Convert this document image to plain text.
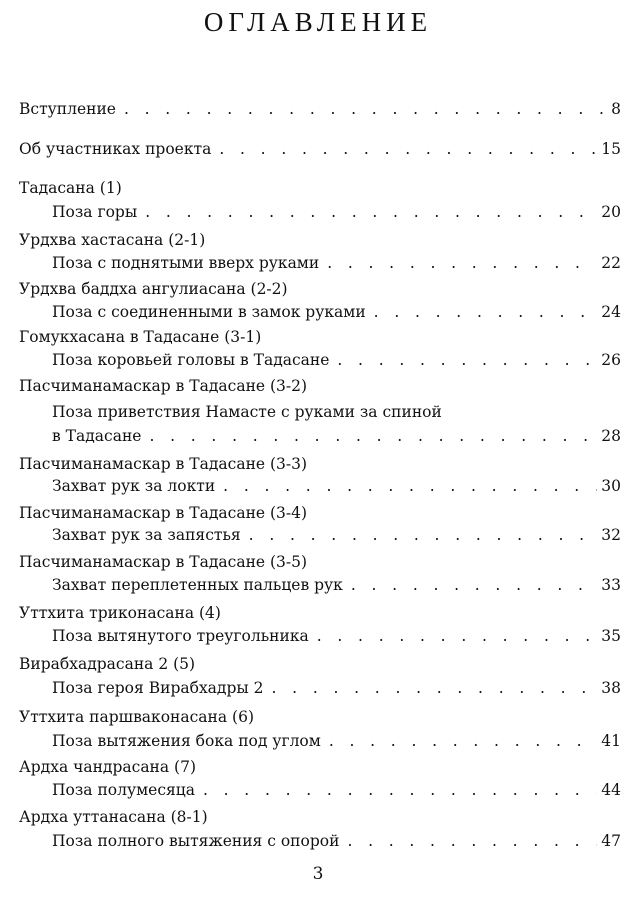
ОГЛАВЛЕНИЕ
Вступление . . .	8
Об участниках проекта . . .	15
Тадасана (1)
Поза горы . . .	20
Урдхва хастасана (2-1)
Поза с поднятыми вверх руками . . .	22
Урдхва баддха ангулиасана (2-2)
Поза с соединенными в замок руками . . .	24
Гомукхасана в Тадасане (3-1)
Поза коровьей головы в Тадасане . . .	26
Пасчиманамаскар в Тадасане (3-2)
Поза приветствия Намасте с руками за спиной
в Тадасане . . .	28
Пасчиманамаскар в Тадасане (3-3)
Захват рук за локти . . .	30
Пасчиманамаскар в Тадасане (3-4)
Захват рук за запястья . . .	32
Пасчиманамаскар в Тадасане (3-5)
Захват переплетенных пальцев рук . . .	33
Уттхита триконасана (4)
Поза вытянутого треугольника . . .	35
Вирабхадрасана 2 (5)
Поза героя Вирабхадры 2 . . .	38
Уттхита паршваконасана (6)
Поза вытяжения бока под углом . . .	41
Ардха чандрасана (7)
Поза полумесяца . . .	44
Ардха уттанасана (8-1)
Поза полного вытяжения с опорой . . .	47
3
